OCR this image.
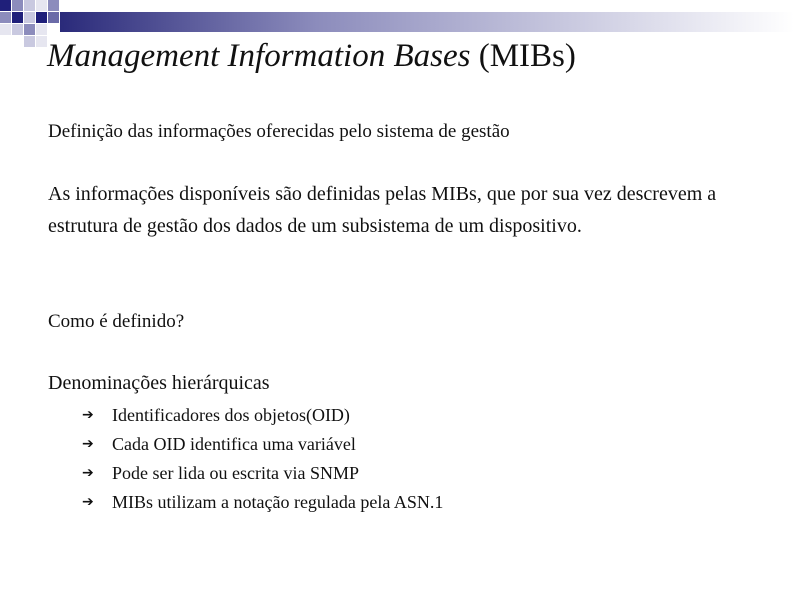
Management Information Bases (MIBs)
Definição das informações oferecidas pelo sistema de gestão
As informações disponíveis são definidas pelas MIBs, que por sua vez descrevem a estrutura de gestão dos dados de um subsistema de um dispositivo.
Como é definido?
Denominações hierárquicas
➔ Identificadores dos objetos(OID)
➔ Cada OID identifica uma variável
➔ Pode ser lida ou escrita via SNMP
➔ MIBs utilizam a notação regulada pela ASN.1
